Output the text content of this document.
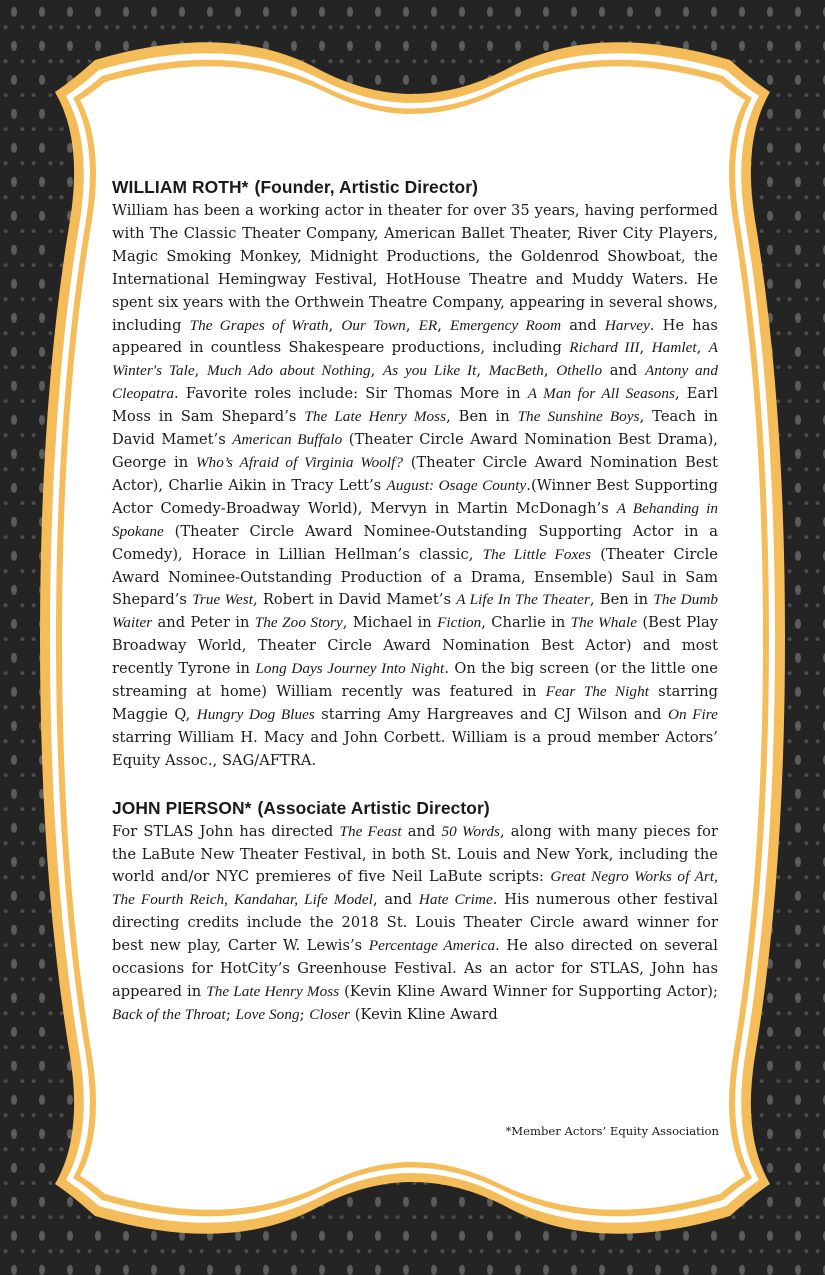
WILLIAM ROTH* (Founder, Artistic Director)
William has been a working actor in theater for over 35 years, having performed with The Classic Theater Company, American Ballet Theater, River City Players, Magic Smoking Monkey, Midnight Productions, the Goldenrod Showboat, the International Hemingway Festival, HotHouse Theatre and Muddy Waters. He spent six years with the Orthwein Theatre Company, appearing in several shows, including The Grapes of Wrath, Our Town, ER, Emergency Room and Harvey. He has appeared in countless Shakespeare productions, including Richard III, Hamlet, A Winter's Tale, Much Ado about Nothing, As you Like It, MacBeth, Othello and Antony and Cleopatra. Favorite roles include: Sir Thomas More in A Man for All Seasons, Earl Moss in Sam Shepard’s The Late Henry Moss, Ben in The Sunshine Boys, Teach in David Mamet’s American Buffalo (Theater Circle Award Nomination Best Drama), George in Who’s Afraid of Virginia Woolf? (Theater Circle Award Nomination Best Actor), Charlie Aikin in Tracy Lett’s August: Osage County.(Winner Best Supporting Actor Comedy-Broadway World), Mervyn in Martin McDonagh’s A Behanding in Spokane (Theater Circle Award Nominee-Outstanding Supporting Actor in a Comedy), Horace in Lillian Hellman’s classic, The Little Foxes (Theater Circle Award Nominee-Outstanding Production of a Drama, Ensemble) Saul in Sam Shepard’s True West, Robert in David Mamet’s A Life In The Theater, Ben in The Dumb Waiter and Peter in The Zoo Story, Michael in Fiction, Charlie in The Whale (Best Play Broadway World, Theater Circle Award Nomination Best Actor) and most recently Tyrone in Long Days Journey Into Night. On the big screen (or the little one streaming at home) William recently was featured in Fear The Night starring Maggie Q, Hungry Dog Blues starring Amy Hargreaves and CJ Wilson and On Fire starring William H. Macy and John Corbett. William is a proud member Actors’ Equity Assoc., SAG/AFTRA.
JOHN PIERSON* (Associate Artistic Director)
For STLAS John has directed The Feast and 50 Words, along with many pieces for the LaBute New Theater Festival, in both St. Louis and New York, including the world and/or NYC premieres of five Neil LaBute scripts: Great Negro Works of Art, The Fourth Reich, Kandahar, Life Model, and Hate Crime. His numerous other festival directing credits include the 2018 St. Louis Theater Circle award winner for best new play, Carter W. Lewis’s Percentage America. He also directed on several occasions for HotCity’s Greenhouse Festival. As an actor for STLAS, John has appeared in The Late Henry Moss (Kevin Kline Award Winner for Supporting Actor); Back of the Throat; Love Song; Closer (Kevin Kline Award
*Member Actors’ Equity Association
